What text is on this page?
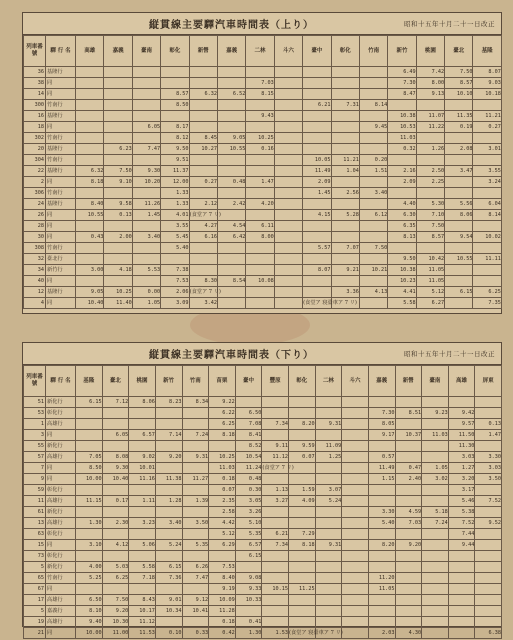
縦貫線主要驛汽車時間表（上り）	昭和十五年十月二十一日改正
列車番號	驛 行 名	高雄	嘉義	臺南	彰化	新營	嘉義	二林	斗六	臺中	彰化	竹南	新竹	桃園	臺北	基隆
36	基隆行												6.49	7.42	7.50	8.07
38	同							7.03					7.30	8.00	8.57	9.03
14	同				8.57	6.32	6.52	8.15					8.47	9.13	10.10	10.18
300	竹南行				8.50					6.21	7.31	8.14				
16	基隆行							9.43					10.38	11.07	11.35	11.21
18	同			6.05	8.17							9.45	10.53	11.22	0.19	0.27
302	竹南行				8.12	8.45	9.05	10.25					11.03			
20	基隆行		6.23	7.47	9.50	10.27	10.55	0.16					0.32	1.26	2.08	3.01
304	竹南行				9.51					10.05	11.21	0.20				
22	基隆行	6.32	7.50	9.30	11.37					11.49	1.04	1.51	2.16	2.50	3.47	3.55
2	同	8.18	9.10	10.20	12.00	0.27	0.48	1.47		2.09			2.09	2.25		3.24
306	竹南行				1.33					1.45	2.56	3.40				
24	基隆行	8.40	9.58	11.26	1.33	2.12	2.42	4.20					4.40	5.30	5.56	6.04
26	同	10.55	0.13	1.45	4.01	(食堂ア 7 リ)				4.15	5.28	6.12	6.30	7.10	8.06	8.14
28	同				3.55	4.27	4.54	6.11					6.35	7.50		
30	同	0.43	2.00	3.40	5.45	6.16	6.42	8.00					8.13	8.57	9.54	10.02
308	竹南行				5.40					5.57	7.07	7.50				
32	臺北行												9.50	10.42	10.55	11.11
34	新竹行	3.00	4.18	5.53	7.38					8.07	9.21	10.21	10.38	11.05		
40	同				7.53	8.30	8.54	10.08					10.23	11.05		
12	基隆行	9.05	10.25	0.00	2.06	(食堂ア 7 リ)					3.36	4.13	4.41	5.12	6.15	6.25
4	同	10.40	11.40	1.05	3.09	3.42				(食堂ア 寝臺車ア 7 リ)			5.58	6.27		7.35
縦貫線主要驛汽車時間表（下り）	昭和十五年十月二十一日改正
列車番號	驛 行 名	基隆	臺北	桃園	新竹	竹南	苗栗	臺中	豐原	彰化	二林	斗六	嘉義	新營	臺南	高雄	屏東
51	新化行	6.15	7.12	8.06	8.23	8.34	9.22										
53	彰化行						6.22	6.50					7.30	8.51	9.23	9.42	
1	高雄行						6.25	7.08	7.34	8.20	9.31		8.05			9.57	0.13
3	同		6.05	6.57	7.14	7.24	8.18	8.41					9.17	10.37	11.03	11.50	1.47
55	新化行							8.52	9.11	9.59	11.09					11.30	
57	高雄行	7.05	8.08	9.02	9.20	9.31	10.25	10.54	11.12	0.07	1.25		0.57			3.03	3.30
7	同	8.50	9.30	10.01			11.03	11.24	(食堂ア 7 リ)				11.49	0.47	1.05	1.27	3.03
9	同	10.00	10.40	11.16	11.38	11.27	0.18	0.48					1.15	2.40	3.02	3.20	3.50
59	彰化行						0.07	0.30	1.13	1.59	3.07					3.17	
11	高雄行	11.15	0.17	1.11	1.28	1.39	2.35	3.05	3.27	4.09	5.24					5.46	7.52
61	新化行						2.58	3.26					3.30	4.59	5.18	5.38	
13	高雄行	1.30	2.30	3.23	3.40	3.50	4.42	5.10					5.40	7.03	7.24	7.52	9.52
63	彰化行						5.12	5.35	6.21	7.29						7.44	
15	同	3.10	4.12	5.06	5.24	5.35	6.29	6.57	7.34	8.18	9.31		8.20	9.20		9.44	
73	彰化行							6.15									
5	新化行	4.00	5.03	5.58	6.15	6.26	7.53										
65	竹南行	5.25	6.25	7.18	7.36	7.47	8.40	9.08					11.20				
67	同						9.19	9.33	10.15	11.25			11.05				
17	高雄行	6.50	7.50	8.43	9.01	9.12	10.09	10.33									
5	嘉義行	8.10	9.20	10.17	10.34	10.41	11.28										
19	高雄行	9.40	10.30	11.12			0.18	0.41									
21	同	10.00	11.00	11.53	0.10	0.33	0.42	1.30	1.53	(食堂ア 寝臺車ア 7 リ)			2.03	4.30			6.38
